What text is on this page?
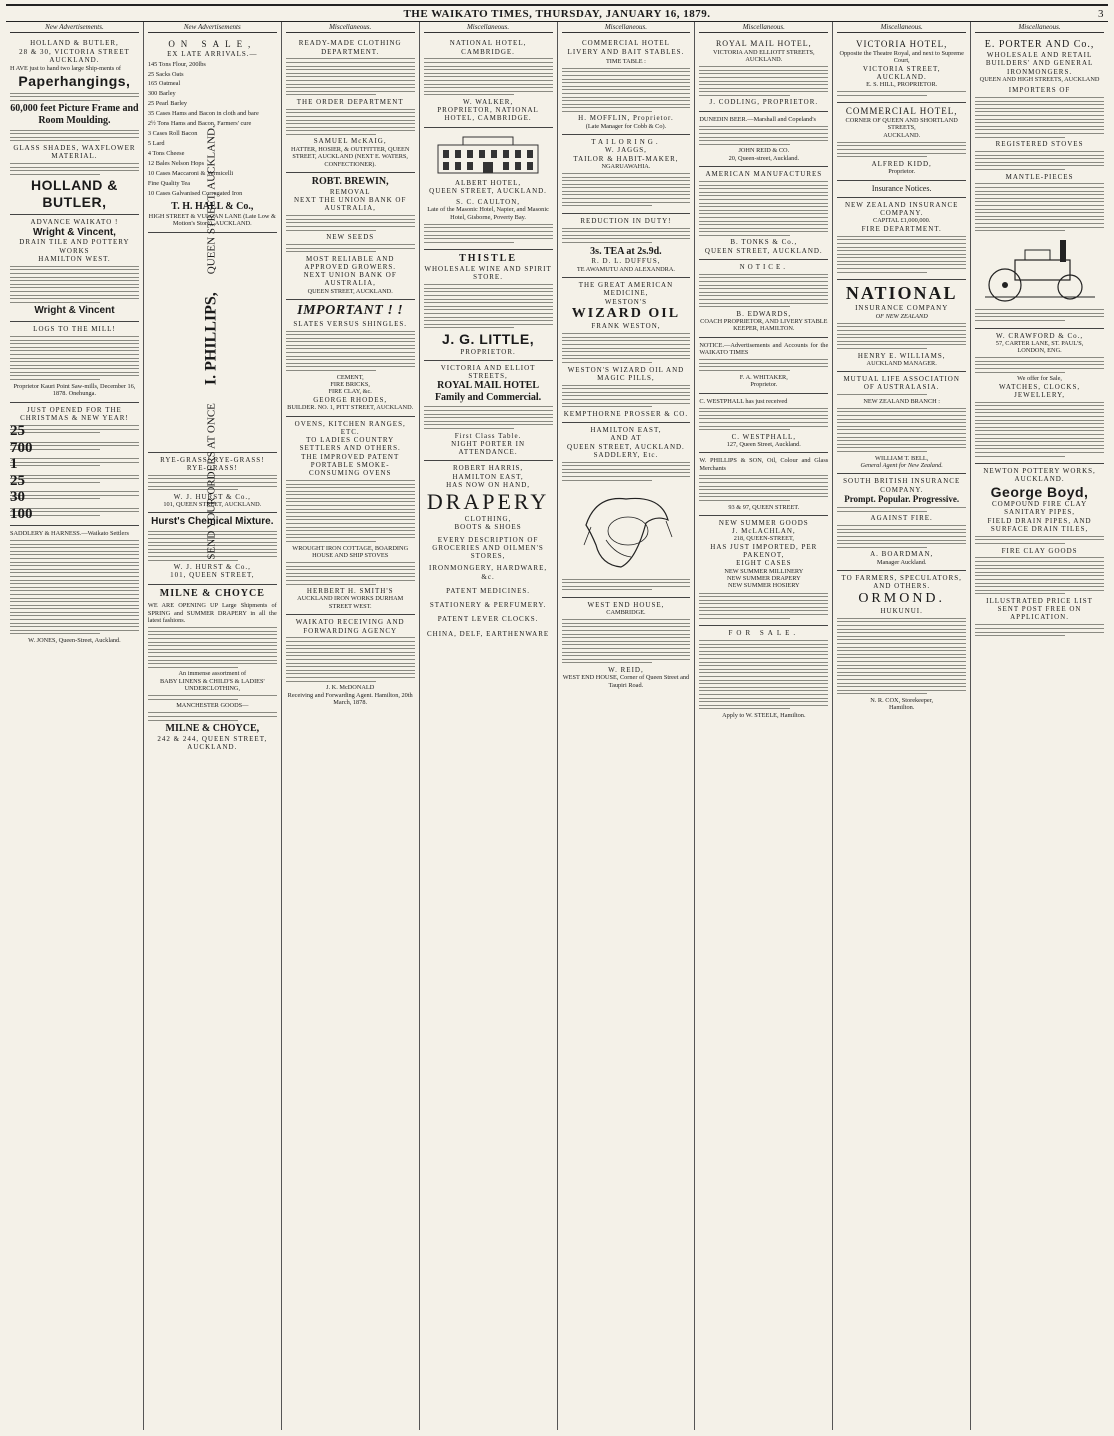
THE WAIKATO TIMES, THURSDAY, JANUARY 16, 1879.	3
New Advertisements.
HOLLAND & BUTLER,
28 & 30, VICTORIA STREET
AUCKLAND.

H AVE just to hand two large Ship-ments of

Paperhangings,
60,000 feet Picture Frame and Room Moulding.
GLASS SHADES, WAXFLOWER MATERIAL.
HOLLAND & BUTLER,
ADVANCE WAIKATO !
Wright & Vincent,
DRAIN TILE AND POTTERY WORKS
HAMILTON WEST.
Wright & Vincent
LOGS TO THE MILL!
Proprietor Kauri Point Saw-mills, December 16, 1878. Onehunga.
JUST OPENED FOR THE
CHRISTMAS & NEW YEAR!
25
700
1
25
30
100

SADDLERY & HARNESS.—Waikato Settlers

W. JONES, Queen-Street, Auckland.
New Advertisements
ON SALE,
EX LATE ARRIVALS.—
145 Tons Flour, 200lbs
25 Sacks Oats
165 Oatmeal
300 Barley
25 Pearl Barley
35 Cases Hams and Bacon in cloth and bare
2½ Tons Hams and Bacon, Farmers' cure
3 Cases Roll Bacon
5 Lard
4 Tons Cheese
12 Bales Nelson Hops
10 Cases Maccaroni & Vermicelli
Fine Quality Tea
10 Cases Galvanised Corrugated Iron
T. H. HALL & Co.,
HIGH STREET & VULCAN LANE (Late Low & Motion's Store), AUCKLAND.
SEND YOUR ORDERS AT ONCE
I. PHILLIPS,
QUEEN STREET, AUCKLAND.
RYE-GRASS! RYE-GRASS!
RYE-GRASS!
W. J. HURST & Co.,
101, QUEEN STREET, AUCKLAND.
Hurst's Chemical Mixture.
W. J. HURST & Co.,
101, QUEEN STREET,
MILNE & CHOYCE

WE ARE OPENING UP Large Shipments of SPRING and SUMMER DRAPERY in all the latest fashions.

An immense assortment of
BABY LINENS & CHILD'S & LADIES' UNDERCLOTHING,
MANCHESTER GOODS—
MILNE & CHOYCE,
242 & 244, QUEEN STREET, AUCKLAND.
Miscellaneous.
READY-MADE CLOTHING DEPARTMENT.
THE ORDER DEPARTMENT
SAMUEL McKAIG,
HATTER, HOSIER, & OUTFITTER, QUEEN STREET, AUCKLAND (NEXT E. WATERS, CONFECTIONER).
ROBT. BREWIN,
REMOVAL
NEXT THE UNION BANK OF AUSTRALIA,
NEW SEEDS
MOST RELIABLE AND APPROVED GROWERS.
NEXT UNION BANK OF AUSTRALIA,
QUEEN STREET, AUCKLAND.
IMPORTANT ! !
SLATES VERSUS SHINGLES.
CEMENT,
FIRE BRICKS,
FIRE CLAY, &c.
GEORGE RHODES,
BUILDER. NO. 1, PITT STREET, AUCKLAND.
OVENS, KITCHEN RANGES, ETC.
TO LADIES COUNTRY SETTLERS AND OTHERS.
THE IMPROVED PATENT PORTABLE SMOKE-CONSUMING OVENS
WROUGHT IRON COTTAGE, BOARDING HOUSE AND SHIP STOVES
HERBERT H. SMITH'S
AUCKLAND IRON WORKS DURHAM STREET WEST.
WAIKATO RECEIVING AND FORWARDING AGENCY
J. K. McDONALD
Receiving and Forwarding Agent. Hamilton, 20th March, 1878.
Miscellaneous.
NATIONAL HOTEL,
CAMBRIDGE.
W. WALKER,
PROPRIETOR, NATIONAL HOTEL, CAMBRIDGE.
ALBERT HOTEL,
QUEEN STREET, AUCKLAND.
S. C. CAULTON,
Late of the Masonic Hotel, Napier, and Masonic Hotel, Gisborne, Poverty Bay.
THISTLE
WHOLESALE WINE AND SPIRIT STORE.
J. G. LITTLE,
PROPRIETOR.
VICTORIA AND ELLIOT STREETS,
ROYAL MAIL HOTEL
Family and Commercial.
First Class Table.
NIGHT PORTER IN ATTENDANCE.
ROBERT HARRIS,
HAMILTON EAST,
HAS NOW ON HAND,
DRAPERY
CLOTHING,
BOOTS & SHOES
EVERY DESCRIPTION OF GROCERIES AND OILMEN'S STORES,
IRONMONGERY, HARDWARE, &c.
PATENT MEDICINES.
STATIONERY & PERFUMERY.
PATENT LEVER CLOCKS.
CHINA, DELF, EARTHENWARE
Miscellaneous.
COMMERCIAL HOTEL
LIVERY AND BAIT STABLES.
TIME TABLE :
H. MOFFLIN, Proprietor.
(Late Manager for Cobb & Co).
TAILORING.
W. JAGGS,
TAILOR & HABIT-MAKER,
NGARUAWAHIA.
REDUCTION IN DUTY!
3s. TEA at 2s.9d.
R. D. L. DUFFUS,
TE AWAMUTU AND ALEXANDRA.
THE GREAT AMERICAN MEDICINE,
WESTON'S
WIZARD OIL
FRANK WESTON,
WESTON'S WIZARD OIL AND MAGIC PILLS,
KEMPTHORNE PROSSER & CO.
HAMILTON EAST,
AND AT
QUEEN STREET, AUCKLAND.
SADDLERY, Etc.
WEST END HOUSE,
CAMBRIDGE.
W. REID,
WEST END HOUSE, Corner of Queen Street and Taupiri Road.
Miscellaneous.
ROYAL MAIL HOTEL,
VICTORIA AND ELLIOTT STREETS,
AUCKLAND.
J. CODLING, PROPRIETOR.

DUNEDIN BEER.—Marshall and Copeland's

JOHN REID & CO.
20, Queen-street, Auckland.
AMERICAN MANUFACTURES
B. TONKS & Co.,
QUEEN STREET, AUCKLAND.
NOTICE.
B. EDWARDS,
COACH PROPRIETOR, AND LIVERY STABLE KEEPER, HAMILTON.

NOTICE.—Advertisements and Accounts for the WAIKATO TIMES

F. A. WHITAKER,
Proprietor.

C. WESTPHALL has just received

C. WESTPHALL,
127, Queen Street, Auckland.

W. PHILLIPS & SON, Oil, Colour and Glass Merchants

93 & 97, QUEEN STREET.
NEW SUMMER GOODS
J. McLACHLAN,
218, QUEEN-STREET,
HAS JUST IMPORTED, PER PAKENOT,
EIGHT CASES
NEW SUMMER MILLINERY
NEW SUMMER DRAPERY
NEW SUMMER HOSIERY
FOR SALE.
Apply to W. STEELE, Hamilton.
Miscellaneous.
VICTORIA HOTEL,
Opposite the Theatre Royal, and next to Supreme Court,
VICTORIA STREET, AUCKLAND.
E. S. HILL, PROPRIETOR.
COMMERCIAL HOTEL,
CORNER OF QUEEN AND SHORTLAND STREETS,
AUCKLAND.
ALFRED KIDD,
Proprietor.
Insurance Notices.
NEW ZEALAND INSURANCE COMPANY.
CAPITAL £1,000,000.
FIRE DEPARTMENT.
NATIONAL
INSURANCE COMPANY
OF NEW ZEALAND
HENRY E. WILLIAMS,
AUCKLAND MANAGER.
MUTUAL LIFE ASSOCIATION OF AUSTRALASIA.
NEW ZEALAND BRANCH :
WILLIAM T. BELL,
General Agent for New Zealand.
SOUTH BRITISH INSURANCE COMPANY.
Prompt. Popular. Progressive.
AGAINST FIRE.
A. BOARDMAN,
Manager Auckland.
TO FARMERS, SPECULATORS, AND OTHERS.
ORMOND.
HUKUNUI.
N. R. COX, Storekeeper,
Hamilton.
Miscellaneous.
E. PORTER AND Co.,
WHOLESALE AND RETAIL
BUILDERS' AND GENERAL
IRONMONGERS.
QUEEN AND HIGH STREETS, AUCKLAND
IMPORTERS OF
REGISTERED STOVES
MANTLE-PIECES
W. CRAWFORD & Co.,
57, CARTER LANE, ST. PAUL'S,
LONDON, ENG.
We offer for Sale,
WATCHES, CLOCKS, JEWELLERY,
NEWTON POTTERY WORKS,
AUCKLAND.
George Boyd,
COMPOUND FIRE CLAY SANITARY PIPES,
FIELD DRAIN PIPES, AND SURFACE DRAIN TILES,
FIRE CLAY GOODS
ILLUSTRATED PRICE LIST SENT POST FREE ON APPLICATION.
